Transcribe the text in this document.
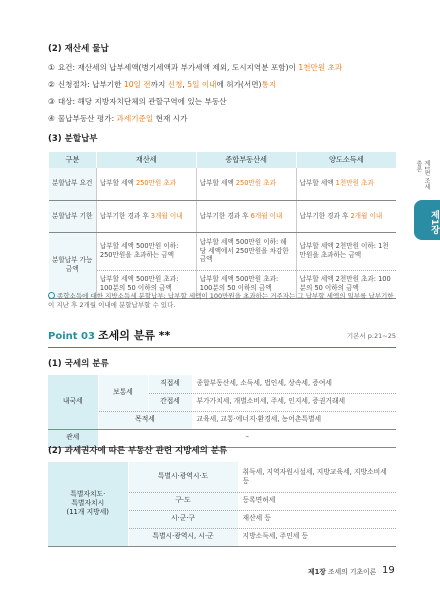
(2) 재산세 물납
① 요건: 재산세의 납부세액(병기세액과 부가세액 제외, 도시지역분 포함)이 1천만원 초과
② 신청절차: 납부기한 10일 전까지 신청, 5일 이내에 허가(서면)통지
③ 대상: 해당 지방자치단체의 관할구역에 있는 부동산
④ 물납부동산 평가: 과세기준일 현재 시가
(3) 분할납부
구분	재산세	종합부동산세	양도소득세
분할납부 요건	납부할 세액 250만원 초과	납부할 세액 250만원 초과	납부할 세액 1천만원 초과
분할납부 기한	납부기한 경과 후 3개월 이내	납부기한 경과 후 6개월 이내	납부기한 경과 후 2개월 이내
분할납부 가능금액	납부할 세액 500만원 이하: 250만원을 초과하는 금액	납부할 세액 500만원 이하: 해당 세액에서 250만원을 차감한 금액	납부할 세액 2천만원 이하: 1천만원을 초과하는 금액
	납부할 세액 500만원 초과: 100분의 50 이하의 금액	납부할 세액 500만원 초과: 100분의 50 이하의 금액	납부할 세액 2천만원 초과: 100분의 50 이하의 금액
종합소득에 대한 지방소득세 분할납부: 납부할 세액이 100만원을 초과하는 거주자는 그 납부할 세액의 일부를 납부기한이 지난 후 2개월 이내에 분할납부할 수 있다.
Point 03 조세의 분류 **	기본서 p.21~25
(1) 국세의 분류
내국세	보통세	직접세	종합부동산세, 소득세, 법인세, 상속세, 증여세
		간접세	부가가치세, 개별소비세, 주세, 인지세, 증권거래세
	목적세		교육세, 교통·에너지·환경세, 농어촌특별세
관세	–		
(2) 과세권자에 따른 부동산 관련 지방세의 분류
특별자치도·
특별자치시
(11개 지방세)	특별시·광역시·도	취득세, 지역자원시설세, 지방교육세, 지방소비세 등
	구·도	등록면허세
	시·군·구	재산세 등
	특별시·광역시, 시·군	지방소득세, 주민세 등
제1편 조세총론
제1장
제1장 조세의 기초이론 19
